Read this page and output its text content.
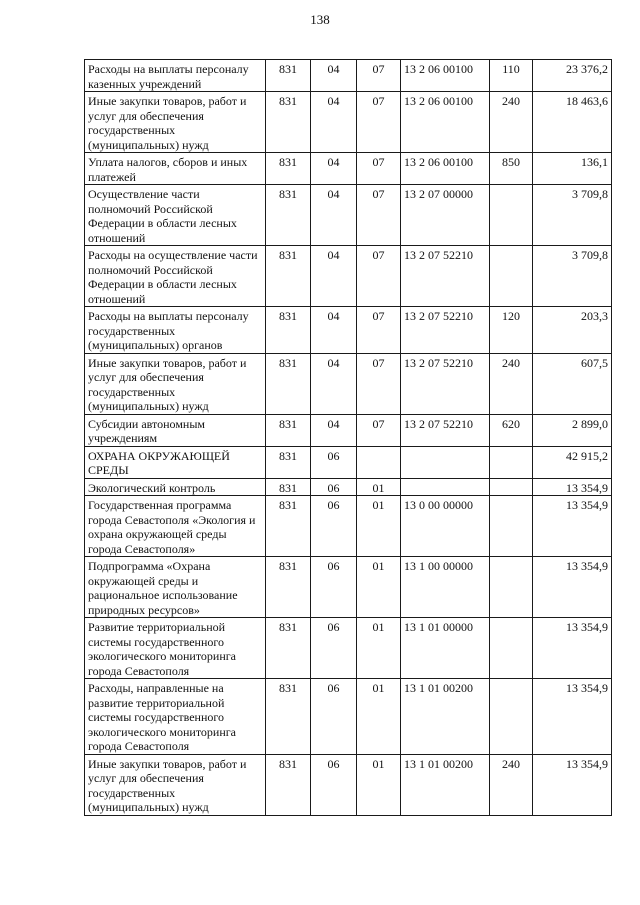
138
Расходы на выплаты персоналу казенных учреждений	831	04	07	13 2 06 00100	110	23 376,2
Иные закупки товаров, работ и услуг для обеспечения государственных (муниципальных) нужд	831	04	07	13 2 06 00100	240	18 463,6
Уплата налогов, сборов и иных платежей	831	04	07	13 2 06 00100	850	136,1
Осуществление части полномочий Российской Федерации в области лесных отношений	831	04	07	13 2 07 00000		3 709,8
Расходы на осуществление части полномочий Российской Федерации в области лесных отношений	831	04	07	13 2 07 52210		3 709,8
Расходы на выплаты персоналу государственных (муниципальных) органов	831	04	07	13 2 07 52210	120	203,3
Иные закупки товаров, работ и услуг для обеспечения государственных (муниципальных) нужд	831	04	07	13 2 07 52210	240	607,5
Субсидии автономным учреждениям	831	04	07	13 2 07 52210	620	2 899,0
ОХРАНА ОКРУЖАЮЩЕЙ СРЕДЫ	831	06				42 915,2
Экологический контроль	831	06	01			13 354,9
Государственная программа города Севастополя «Экология и охрана окружающей среды города Севастополя»	831	06	01	13 0 00 00000		13 354,9
Подпрограмма «Охрана окружающей среды и рациональное использование природных ресурсов»	831	06	01	13 1 00 00000		13 354,9
Развитие территориальной системы государственного экологического мониторинга города Севастополя	831	06	01	13 1 01 00000		13 354,9
Расходы, направленные на развитие территориальной системы государственного экологического мониторинга города Севастополя	831	06	01	13 1 01 00200		13 354,9
Иные закупки товаров, работ и услуг для обеспечения государственных (муниципальных) нужд	831	06	01	13 1 01 00200	240	13 354,9
